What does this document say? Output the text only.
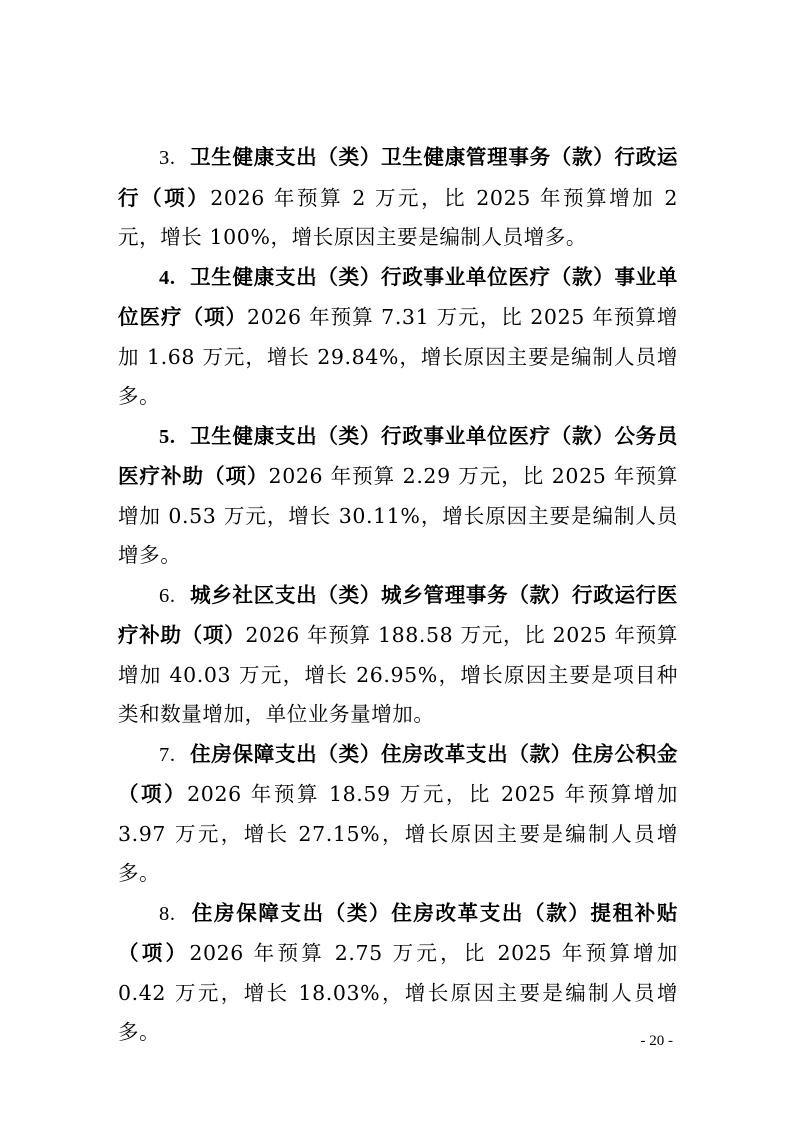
3. 卫生健康支出（类）卫生健康管理事务（款）行政运行（项）2026 年预算 2 万元，比 2025 年预算增加 2 元，增长 100%，增长原因主要是编制人员增多。

4. 卫生健康支出（类）行政事业单位医疗（款）事业单位医疗（项）2026 年预算 7.31 万元，比 2025 年预算增加 1.68 万元，增长 29.84%，增长原因主要是编制人员增多。

5. 卫生健康支出（类）行政事业单位医疗（款）公务员医疗补助（项）2026 年预算 2.29 万元，比 2025 年预算增加 0.53 万元，增长 30.11%，增长原因主要是编制人员增多。

6. 城乡社区支出（类）城乡管理事务（款）行政运行医疗补助（项）2026 年预算 188.58 万元，比 2025 年预算增加 40.03 万元，增长 26.95%，增长原因主要是项目种类和数量增加，单位业务量增加。

7. 住房保障支出（类）住房改革支出（款）住房公积金（项）2026 年预算 18.59 万元，比 2025 年预算增加 3.97 万元，增长 27.15%，增长原因主要是编制人员增多。

8. 住房保障支出（类）住房改革支出（款）提租补贴（项）2026 年预算 2.75 万元，比 2025 年预算增加 0.42 万元，增长 18.03%，增长原因主要是编制人员增多。	- 20 -
